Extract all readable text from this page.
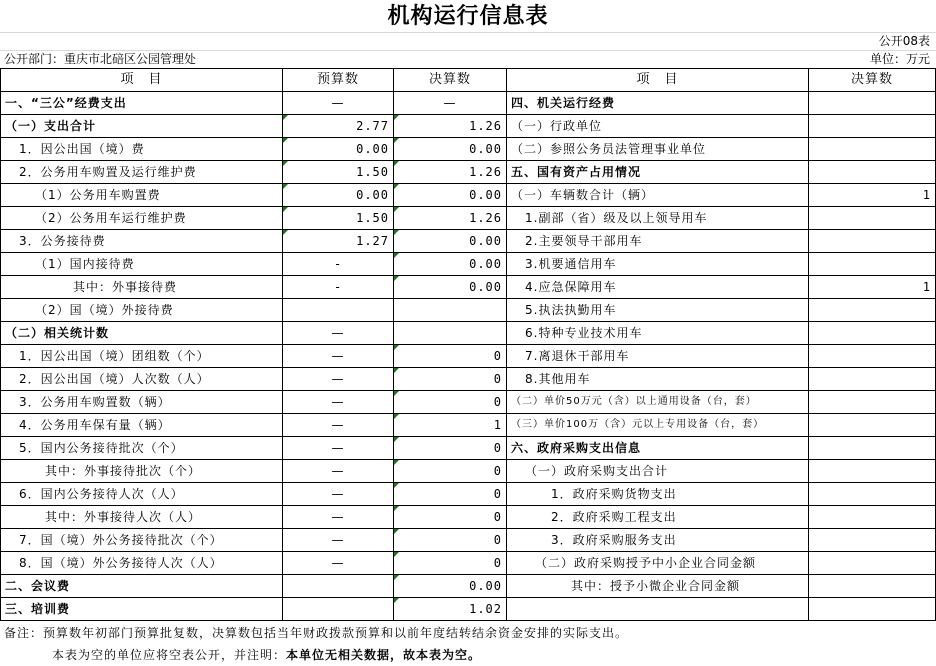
机构运行信息表
公开08表
公开部门：重庆市北碚区公园管理处	单位：万元
项　目	预算数	决算数	项　目	决算数
一、“三公”经费支出	—	—	四、机关运行经费	
（一）支出合计	2.77	1.26	（一）行政单位	
1．因公出国（境）费	0.00	0.00	（二）参照公务员法管理事业单位	
2．公务用车购置及运行维护费	1.50	1.26	五、国有资产占用情况	
（1）公务用车购置费	0.00	0.00	（一）车辆数合计（辆）	1
（2）公务用车运行维护费	1.50	1.26	1.副部（省）级及以上领导用车	
3．公务接待费	1.27	0.00	2.主要领导干部用车	
（1）国内接待费	-	0.00	3.机要通信用车	
其中：外事接待费	-	0.00	4.应急保障用车	1
（2）国（境）外接待费			5.执法执勤用车	
（二）相关统计数	—		6.特种专业技术用车	
1．因公出国（境）团组数（个）	—	0	7.离退休干部用车	
2．因公出国（境）人次数（人）	—	0	8.其他用车	
3．公务用车购置数（辆）	—	0	（二）单价50万元（含）以上通用设备（台，套）	
4．公务用车保有量（辆）	—	1	（三）单价100万（含）元以上专用设备（台，套）	
5．国内公务接待批次（个）	—	0	六、政府采购支出信息	
其中：外事接待批次（个）	—	0	（一）政府采购支出合计	
6．国内公务接待人次（人）	—	0	1．政府采购货物支出	
其中：外事接待人次（人）	—	0	2．政府采购工程支出	
7．国（境）外公务接待批次（个）	—	0	3．政府采购服务支出	
8．国（境）外公务接待人次（人）	—	0	（二）政府采购授予中小企业合同金额	
二、会议费		0.00	其中：授予小微企业合同金额	
三、培训费		1.02		
备注：预算数年初部门预算批复数，决算数包括当年财政拨款预算和以前年度结转结余资金安排的实际支出。
本表为空的单位应将空表公开，并注明：本单位无相关数据，故本表为空。
